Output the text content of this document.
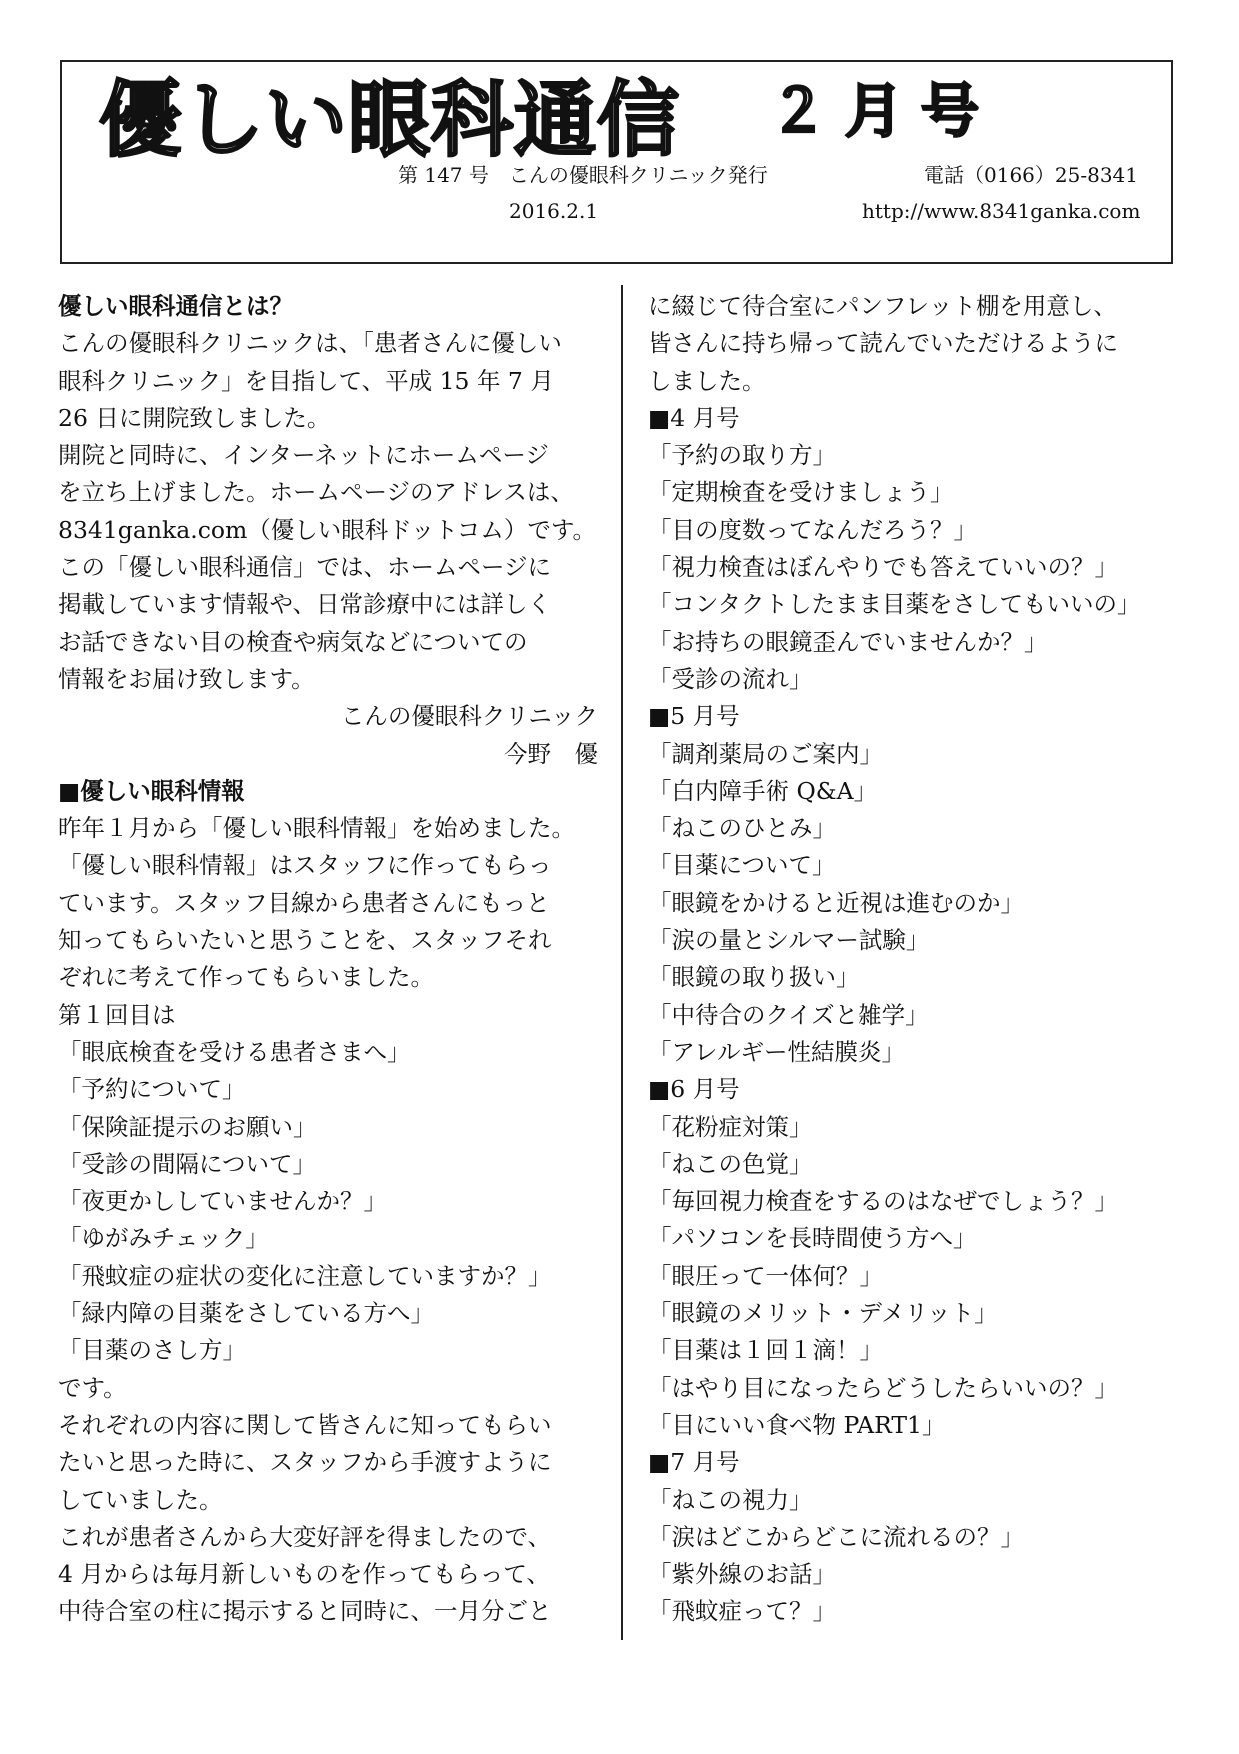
優しい眼科通信 ２月号
第 147 号　こんの優眼科クリニック発行	電話（0166）25-8341
2016.2.1	http://www.8341ganka.com

優しい眼科通信とは？

こんの優眼科クリニックは、「患者さんに優しい

眼科クリニック」を目指して、平成 15 年 7 月

26 日に開院致しました。

開院と同時に、インターネットにホームページ

を立ち上げました。ホームページのアドレスは、

8341ganka.com（優しい眼科ドットコム）です。

この「優しい眼科通信」では、ホームページに

掲載しています情報や、日常診療中には詳しく

お話できない目の検査や病気などについての

情報をお届け致します。

こんの優眼科クリニック

今野　優

■優しい眼科情報

昨年１月から「優しい眼科情報」を始めました。

「優しい眼科情報」はスタッフに作ってもらっ

ています。スタッフ目線から患者さんにもっと

知ってもらいたいと思うことを、スタッフそれ

ぞれに考えて作ってもらいました。

第１回目は

「眼底検査を受ける患者さまへ」

「予約について」

「保険証提示のお願い」

「受診の間隔について」

「夜更かししていませんか？」

「ゆがみチェック」

「飛蚊症の症状の変化に注意していますか？」

「緑内障の目薬をさしている方へ」

「目薬のさし方」

です。

それぞれの内容に関して皆さんに知ってもらい

たいと思った時に、スタッフから手渡すように

していました。

これが患者さんから大変好評を得ましたので、

4 月からは毎月新しいものを作ってもらって、

中待合室の柱に掲示すると同時に、一月分ごと

に綴じて待合室にパンフレット棚を用意し、

皆さんに持ち帰って読んでいただけるように

しました。

■4 月号

「予約の取り方」

「定期検査を受けましょう」

「目の度数ってなんだろう？」

「視力検査はぼんやりでも答えていいの？」

「コンタクトしたまま目薬をさしてもいいの」

「お持ちの眼鏡歪んでいませんか？」

「受診の流れ」

■5 月号

「調剤薬局のご案内」

「白内障手術 Q&A」

「ねこのひとみ」

「目薬について」

「眼鏡をかけると近視は進むのか」

「涙の量とシルマー試験」

「眼鏡の取り扱い」

「中待合のクイズと雑学」

「アレルギー性結膜炎」

■6 月号

「花粉症対策」

「ねこの色覚」

「毎回視力検査をするのはなぜでしょう？」

「パソコンを長時間使う方へ」

「眼圧って一体何？」

「眼鏡のメリット・デメリット」

「目薬は１回１滴！」

「はやり目になったらどうしたらいいの？」

「目にいい食べ物 PART1」

■7 月号

「ねこの視力」

「涙はどこからどこに流れるの？」

「紫外線のお話」

「飛蚊症って？」
